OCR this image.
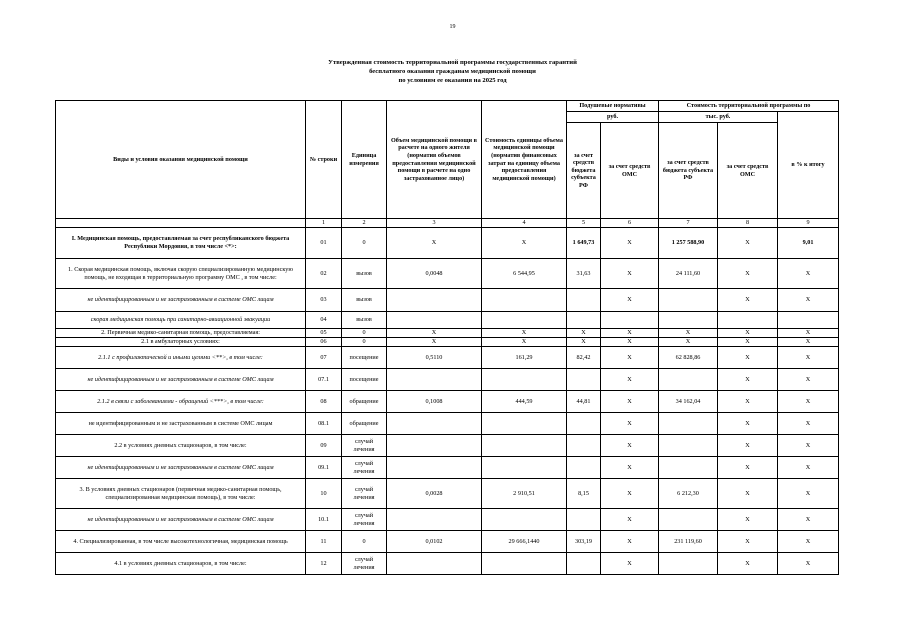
19
Утвержденная стоимость территориальной программы государственных гарантий
бесплатного оказания гражданам медицинской помощи
по условиям ее оказания на 2025 год
Виды и условия оказания медицинской помощи	№ строки	Единица измерения	Объем медицинской помощи в расчете на одного жителя (норматив объемов предоставления медицинской помощи в расчете на одно застрахованное лицо)	Стоимость единицы объема медицинской помощи (норматив финансовых затрат на единицу объема предоставления медицинской помощи)	Подушевые нормативы		Стоимость территориальной программы по		
					руб.		тыс. руб.		в % к итогу
					за счет средств бюджета субъекта РФ	за счет средств ОМС	за счет средств бюджета субъекта РФ	за счет средств ОМС	
	1	2	3	4	5	6	7	8	9
I. Медицинская помощь, предоставляемая за счет республиканского бюджета Республики Мордовия, в том числе <*>:	01	0	X	X	1 649,73	X	1 257 588,90	X	9,01
1. Скорая медицинская помощь, включая скорую специализированную медицинскую помощь, не входящая в территориальную программу ОМС , в том числе:	02	вызов	0,0048	6 544,95	31,63	X	24 111,60	X	X
не идентифицированным и не застрахованным в системе ОМС лицам	03	вызов				X		X	X
скорая медицинская помощь при санитарно-авиационной эвакуации	04	вызов							
2. Первичная медико-санитарная помощь, предоставляемая:	05	0	X	X	X	X	X	X	X
2.1 в амбулаторных условиях:	06	0	X	X	X	X	X	X	X
2.1.1 с профилактической и иными целями <**>, в том числе:	07	посещение	0,5110	161,29	82,42	X	62 828,86	X	X
не идентифицированным и не застрахованным в системе ОМС лицам	07.1	посещение				X		X	X
2.1.2 в связи с заболеваниями - обращений <***>, в том числе:	08	обращение	0,1008	444,59	44,81	X	34 162,04	X	X
не идентифицированным и не застрахованным в системе ОМС лицам	08.1	обращение				X		X	X
2.2 в условиях дневных стационаров, в том числе:	09	случай лечения				X		X	X
не идентифицированным и не застрахованным в системе ОМС лицам	09.1	случай лечения				X		X	X
3. В условиях дневных стационаров (первичная медико-санитарная помощь, специализированная медицинская помощь), в том числе:	10	случай лечения	0,0028	2 910,51	8,15	X	6 212,30	X	X
не идентифицированным и не застрахованным в системе ОМС лицам	10.1	случай лечения				X		X	X
4. Специализированная, в том числе высокотехнологичная, медицинская помощь	11	0	0,0102	29 666,1440	303,19	X	231 119,60	X	X
4.1 в условиях дневных стационаров, в том числе:	12	случай лечения				X		X	X
